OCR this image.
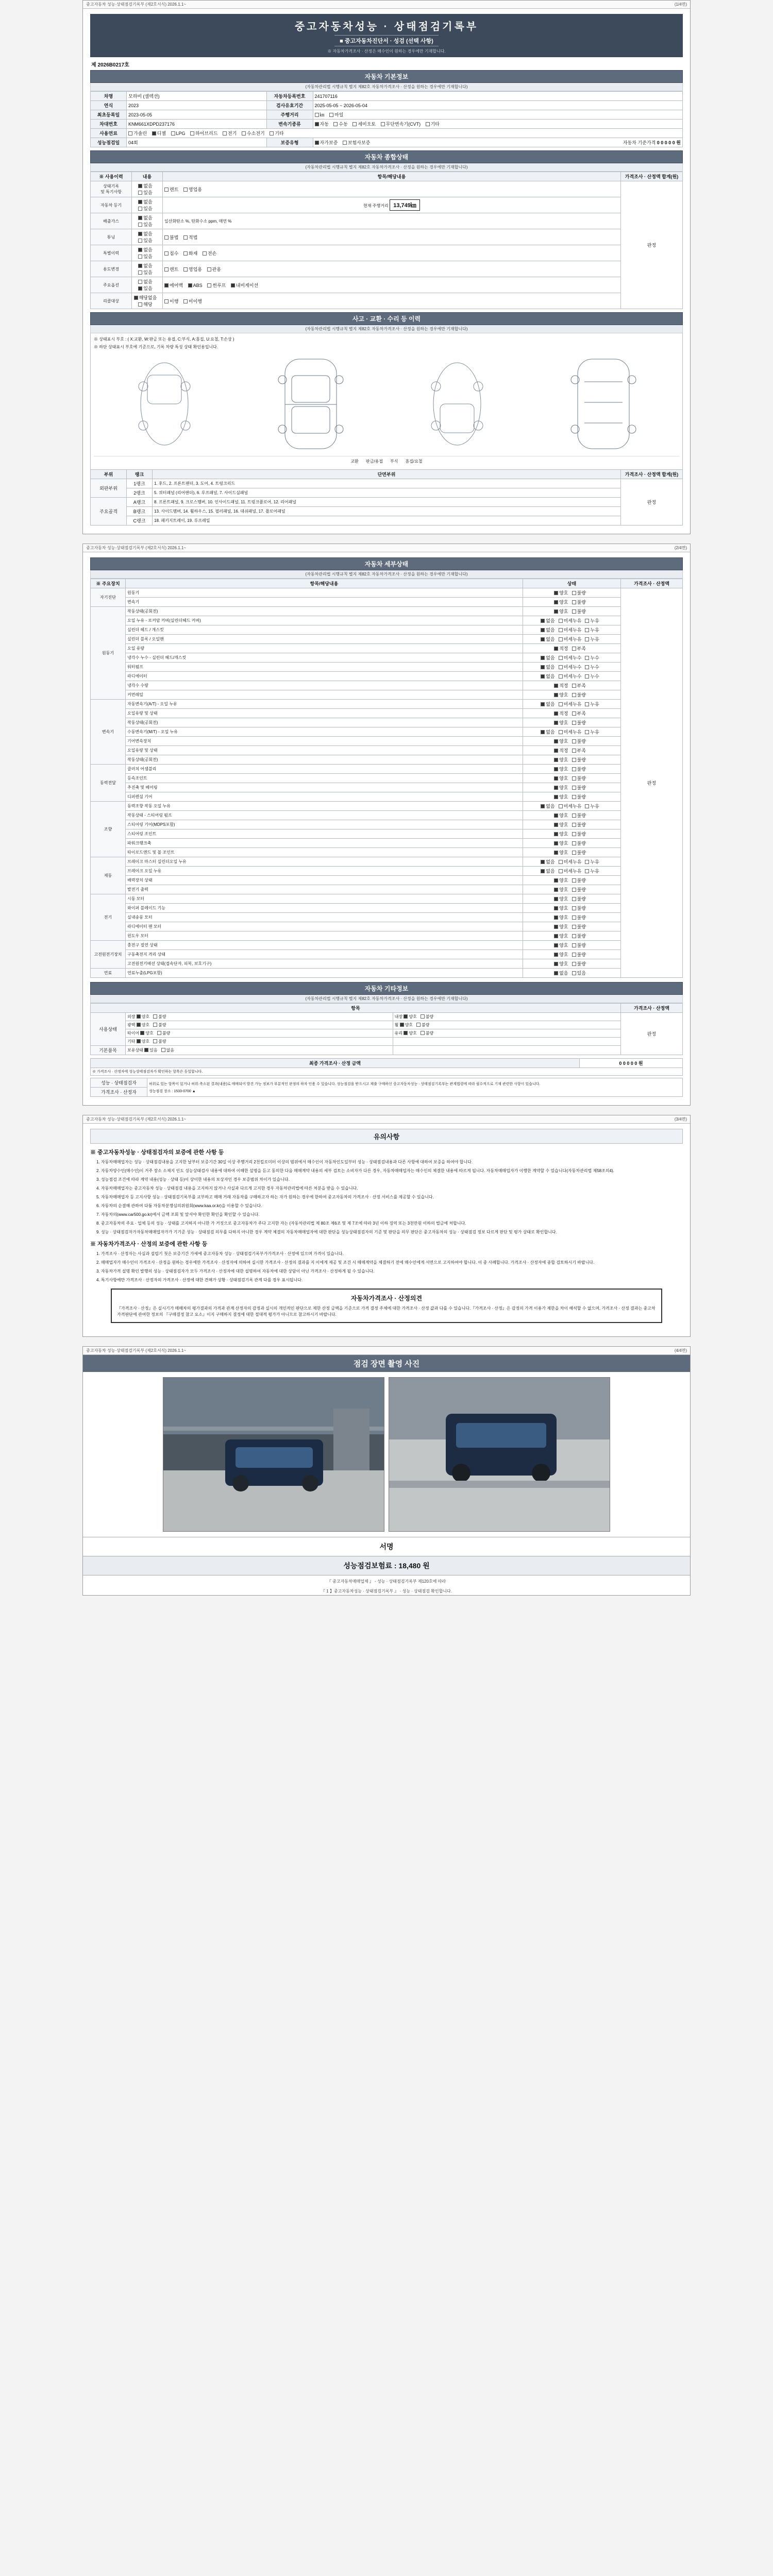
중고자동차 성능·상태점검기록부 (제2호서식) 2026.1.1~	(1/4면)
중고자동차성능 · 상태점검기록부
■ 중고자동차진단서 · 성검 (선택 사항)
※ 자동차가격조사 · 산정은 매수인이 원하는 경우에만 기재합니다.
제 2026B0217호
자동차 기본정보
(자동차관리법 시행규칙 별지 제82호 자동차가격조사 · 산정을 원하는 경우에만 기재합니다)
차명	모하비 (셀렉션)	자동차등록번호	241707116
연식	2023	검사유효기간	2025-05-05 ~ 2026-05-04
최초등록일	2023-05-05	주행거리	㎞ 마일
차대번호	KNM661XDPD237176	변속기종류	자동 수동 세미오토 무단변속기(CVT) 기타
사용연료	가솔린 디젤 LPG 하이브리드 전기 수소전기 기타		
성능점검일	04회	보증유형	자가보증 보험사보증 자동차 기준가격 0 0 0 0 0 원
자동차 종합상태
(자동차관리법 시행규칙 별지 제82호 자동차가격조사 · 산정을 원하는 경우에만 기재합니다)
※ 사용이력	내용	항목/해당내용	가격조사 · 산정액 합계(원)
상태기록
및 특기사항	없음 있음	렌트 영업용	판정
자동차 등기	없음 있음	현재 주행거리 13,749㎞	
배출가스	없음 있음	일산화탄소 %, 탄화수소 ppm, 매연 %	
튜닝	없음 있음	불법 적법	
특별이력	없음 있음	침수 화재 전손	
용도변경	없음 있음	렌트 영업용 관용	
주요옵션	없음 있음	에어백 ABS 썬루프 내비게이션	
리콜대상	해당없음 해당	이행 미이행	
사고 · 교환 · 수리 등 이력
(자동차관리법 시행규칙 별지 제82호 자동차가격조사 · 산정을 원하는 경우에만 기재합니다)
※ 상태표시 부호 : ( X:교환, W:판금 또는 용접, C:부식, A:흠집, U:요철, T:손상 )
※ 하단 상태표시 부호에 기준으로, 기록 차량 특성 상태 확인용입니다.
교환 판금/용접 부식 흠집/요철
부위	랭크	단면부위	가격조사 · 산정액 합계(원)
외판부위	1랭크	1. 후드, 2. 프론트팬더, 3. 도어, 4. 트렁크리드	판정
	2랭크	5. 쿼터패널 (리어팬더), 6. 루프패널, 7. 사이드실패널	
주요골격	A랭크	8. 프론트패널, 9. 크로스멤버, 10. 인사이드패널, 11. 트렁크플로어, 12. 리어패널	
	B랭크	13. 사이드멤버, 14. 휠하우스, 15. 필러패널, 16. 대쉬패널, 17. 플로어패널	
	C랭크	18. 패키지트레이, 19. 루프레일	
중고자동차 성능·상태점검기록부 (제2호서식) 2026.1.1~	(2/4면)
자동차 세부상태
(자동차관리법 시행규칙 별지 제82호 자동차가격조사 · 산정을 원하는 경우에만 기재합니다)
※ 주요장치	항목/해당내용	상태	가격조사 · 산정액
자기진단	원동기	양호 불량	판정
	변속기	양호 불량	
원동기	작동상태(공회전)	양호 불량	
	오일 누유 - 로커암 커버(실린더헤드 커버)	없음 미세누유 누유	
	실린더 헤드 / 개스킷	없음 미세누유 누유	
	실린더 블록 / 오일팬	없음 미세누유 누유	
	오일 유량	적정 부족	
	냉각수 누수 - 실린더 헤드/개스킷	없음 미세누수 누수	
	워터펌프	없음 미세누수 누수	
	라디에이터	없음 미세누수 누수	
	냉각수 수량	적정 부족	
	커먼레일	양호 불량	
변속기	자동변속기(A/T) - 오일 누유	없음 미세누유 누유	
	오일유량 및 상태	적정 부족	
	작동상태(공회전)	양호 불량	
	수동변속기(M/T) - 오일 누유	없음 미세누유 누유	
	기어변속장치	양호 불량	
	오일유량 및 상태	적정 부족	
	작동상태(공회전)	양호 불량	
동력전달	클러치 어셈블리	양호 불량	
	등속조인트	양호 불량	
	추진축 및 베어링	양호 불량	
	디퍼렌셜 기어	양호 불량	
조향	동력조향 작동 오일 누유	없음 미세누유 누유	
	작동상태 - 스티어링 펌프	양호 불량	
	스티어링 기어(MDPS포함)	양호 불량	
	스티어링 조인트	양호 불량	
	파워크랭크축	양호 불량	
	타이로드엔드 및 볼 조인트	양호 불량	
제동	브레이크 마스터 실린더오일 누유	없음 미세누유 누유	
	브레이크 오일 누유	없음 미세누유 누유	
	배력장치 상태	양호 불량	
	발전기 출력	양호 불량	
전기	시동 모터	양호 불량	
	와이퍼 블레이드 기능	양호 불량	
	실내송풍 모터	양호 불량	
	라디에이터 팬 모터	양호 불량	
	윈도우 모터	양호 불량	
고전원전기장치	충전구 절연 상태	양호 불량	
	구동축전지 격리 상태	양호 불량	
	고전원전기배선 상태(접속단자, 피복, 보호기구)	양호 불량	
연료	연료누출(LPG포함)	없음 있음	
자동차 기타정보
(자동차관리법 시행규칙 별지 제82호 자동차가격조사 · 산정을 원하는 경우에만 기재합니다)
항목			가격조사 · 산정액
사용상태	외장 양호 불량	내장 양호 불량	판정
	광택 양호 불량	휠 양호 불량	
	타이어 양호 불량	유리 양호 불량	
	기타 양호 불량		
기본품목	보유상태 있음 없음		
최종 가격조사 · 산정 금액	0 0 0 0 0 원
※ 가격조사 · 산정자에 성능상태점검자가 확인하는 항목은 동일합니다.
성능 · 상태점검자	허위로 있는 항목이 있거나 허위·축소된 결과(내용)로 매매되어 발견 가능 정보가 부분적인 판정의 하자 인용 수 있습니다. 성능점검을 받으시고 제출 구매하신 중고자동차성능 · 상태점검기록부는 관계법령에 따라 필수적으로 기재 관련한 사항이 있습니다.
성능점검 장소 : 1533-0700 ▲

가격조사 · 산정자
중고자동차 성능·상태점검기록부 (제2호서식) 2026.1.1~	(3/4면)
유의사항
※ 중고자동차성능 · 상태점검자의 보증에 관한 사항 등

1. 자동차매매업자는 성능 · 상태점검내용을 고지한 날부터 보증기간 30일 이상 주행거리 2천킬로미터 이상의 범위에서 매수인이 자동차인도일부터 성능 · 상태점검내용과 다른 사항에 대하여 보증을 하여야 합니다.

2. 자동차양수인(매수인)이 거주 장소 소재지 인도 성능상태검사 내용에 대하여 이해한 설명을 듣고 동의한 다음 매매계약 내용의 세부 검토는 소비자가 다른 경우, 자동차매매업자는 매수인의 체결한 내용에 따르게 됩니다. 자동차매매업자가 이행한 계약할 수 있습니다(자동차관리법 제58조의4).

3. 성능점검 조건에 따라 계약 내용(성능 · 상태 등)이 상이한 내용의 보상자인 경우 보증범위 차이가 있습니다.

4. 자동차매매업자는 중고자동차 성능 · 상태점검 내용을 고지하지 않거나 사실과 다르게 고지한 경우 자동차관리법에 따른 처분을 받을 수 있습니다.

5. 자동차매매업자 등 고지사항 성능 · 상태점검기록부를 교부하고 매매 거래 자동차를 구매하고자 하는 자가 원하는 경우에 한하여 중고자동차의 가격조사 · 산정 서비스를 제공할 수 있습니다.

6. 자동차의 순결해 관하여 다툼 자동차분쟁심의위원회(www.kaa.or.kr)을 이용할 수 있습니다.

7. 자동차의(www.car500.go.kr)에서 금액 조회 및 앞서야 확인한 확인을 확인할 수 있습니다.

8. 중고자동차의 주요 · 업체 등의 성능 · 상태를 고지하지 아니한 가 거짓으로 중고자동차가 주다 고지한 자는 (자동차관리법 제 80조 제6조 및 제 7조에 따라 3년 이하 징역 또는 3천만원 이하의 벌금에 처합니다.

9. 성능 · 상태점검자가자동차매매업자가가 기기준 성능 · 상태점검 의무를 다하지 아니한 경우 계약 체결의 자동차매매업자에 대한 판단을 성능상태점검자의 기준 및 판단을 의무 판단은 중고자동차의 성능 · 상태점검 정보 다르게 판단 및 평가 상태로 확인합니다.

※ 자동차가격조사 · 산정의 보증에 관한 사항 등

1. 가격조사 · 산정자는 사실과 설립기 첫은 보증기간 가세에 중고자동차 성능 · 상태점검기록부가가격조사 · 산정에 있으며 가격이 있습니다.

2. 매매업자가 매수인이 가격조사 · 산정을 원하는 경우에만 가격조사 · 산정자에 의하여 실시한 가격조사 · 산정의 결과를 지 이에게 제공 및 조건 시 매매계약을 체결하기 전에 매수인에게 서면으로 고지하여야 합니다. 이 중 사례합니다. 가격조사 · 산정자에 종합 검토하시기 바랍니다.

3. 자동차가격 설명 확인 발행의 성능 · 상태점검자가 모두 가격조사 · 산정자에 대한 설명하여 자동차에 대한 상담이 아닌 가격조사 · 산정하게 될 수 있습니다.

4. 특기사항에만 가격조사 · 산정자의 가격조사 · 산정에 대한 견해가 상황 · 상태점검기록 관계 다를 경우 표시됩니다.

자동차가격조사 · 산정의견
『가격조사 · 산정』은 실시기가 매매차의 평가결과의 가격과 관계 산정자의 감정과 실시의 개인적인 판단으로 제한 산정 금액을 기준으로 가격 결정 주체에 대한 가격조사 · 산정 값과 다를 수 있습니다.『가격조사 · 산정』은 감정의 가격 이용가 제한을 차이 해석할 수 없으며, 가격조사 · 산정 결과는 중고차 가격판단에 관여한 정보의 『구매결정 참고 요소』이지 구매하지 결정에 대한 절대적 평가가 아니므로 참고하시기 바랍니다.
중고자동차 성능·상태점검기록부 (제2호서식) 2026.1.1~	(4/4면)
점검 장면 촬영 사진
서명
성능점검보험료 : 18,480 원
『 중고자동차매매업체 』 - 성능 · 상태점검기록부 제120호에 따라
『 1 】중고자동차성능 · 상태점검기록부 』 · 성능 · 상태점검 확인합니다.
